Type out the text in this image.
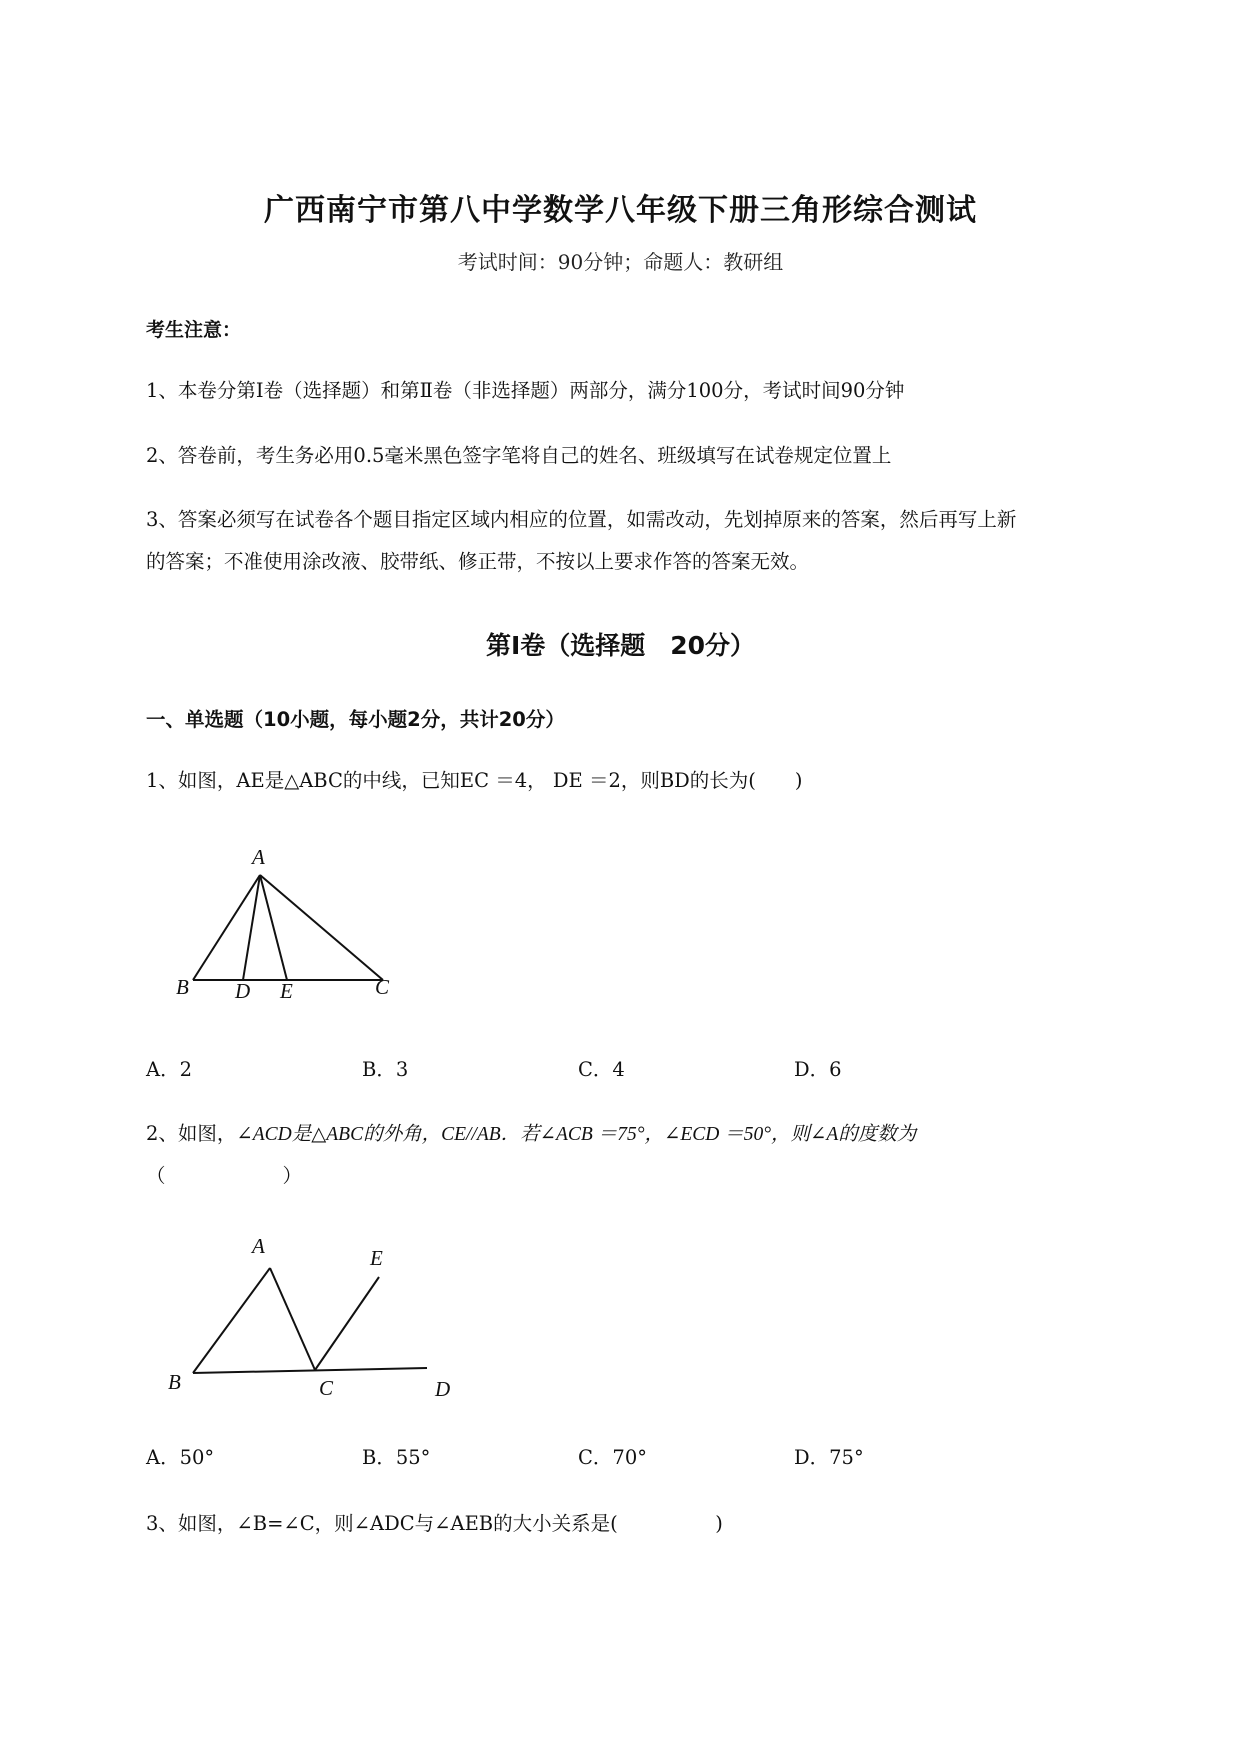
广西南宁市第八中学数学八年级下册三角形综合测试
考试时间：90分钟；命题人：教研组
考生注意：
1、本卷分第I卷（选择题）和第Ⅱ卷（非选择题）两部分，满分100分，考试时间90分钟
2、答卷前，考生务必用0.5毫米黑色签字笔将自己的姓名、班级填写在试卷规定位置上
3、答案必须写在试卷各个题目指定区域内相应的位置，如需改动，先划掉原来的答案，然后再写上新
的答案；不准使用涂改液、胶带纸、修正带，不按以上要求作答的答案无效。
第I卷（选择题　20分）
一、单选题（10小题，每小题2分，共计20分）
1、如图，AE是△ABC的中线，已知EC ＝4， DE ＝2，则BD的长为(　　)
A
B D E	C
A．2	B．3	C．4	D．6
2、如图，∠ACD是△ABC的外角，CE//AB．若∠ACB ＝75°，∠ECD ＝50°，则∠A的度数为
（　　　　　　）
A	E
B	C	D
A．50°	B．55°	C．70°	D．75°
3、如图，∠B=∠C，则∠ADC与∠AEB的大小关系是(　　　　　)
